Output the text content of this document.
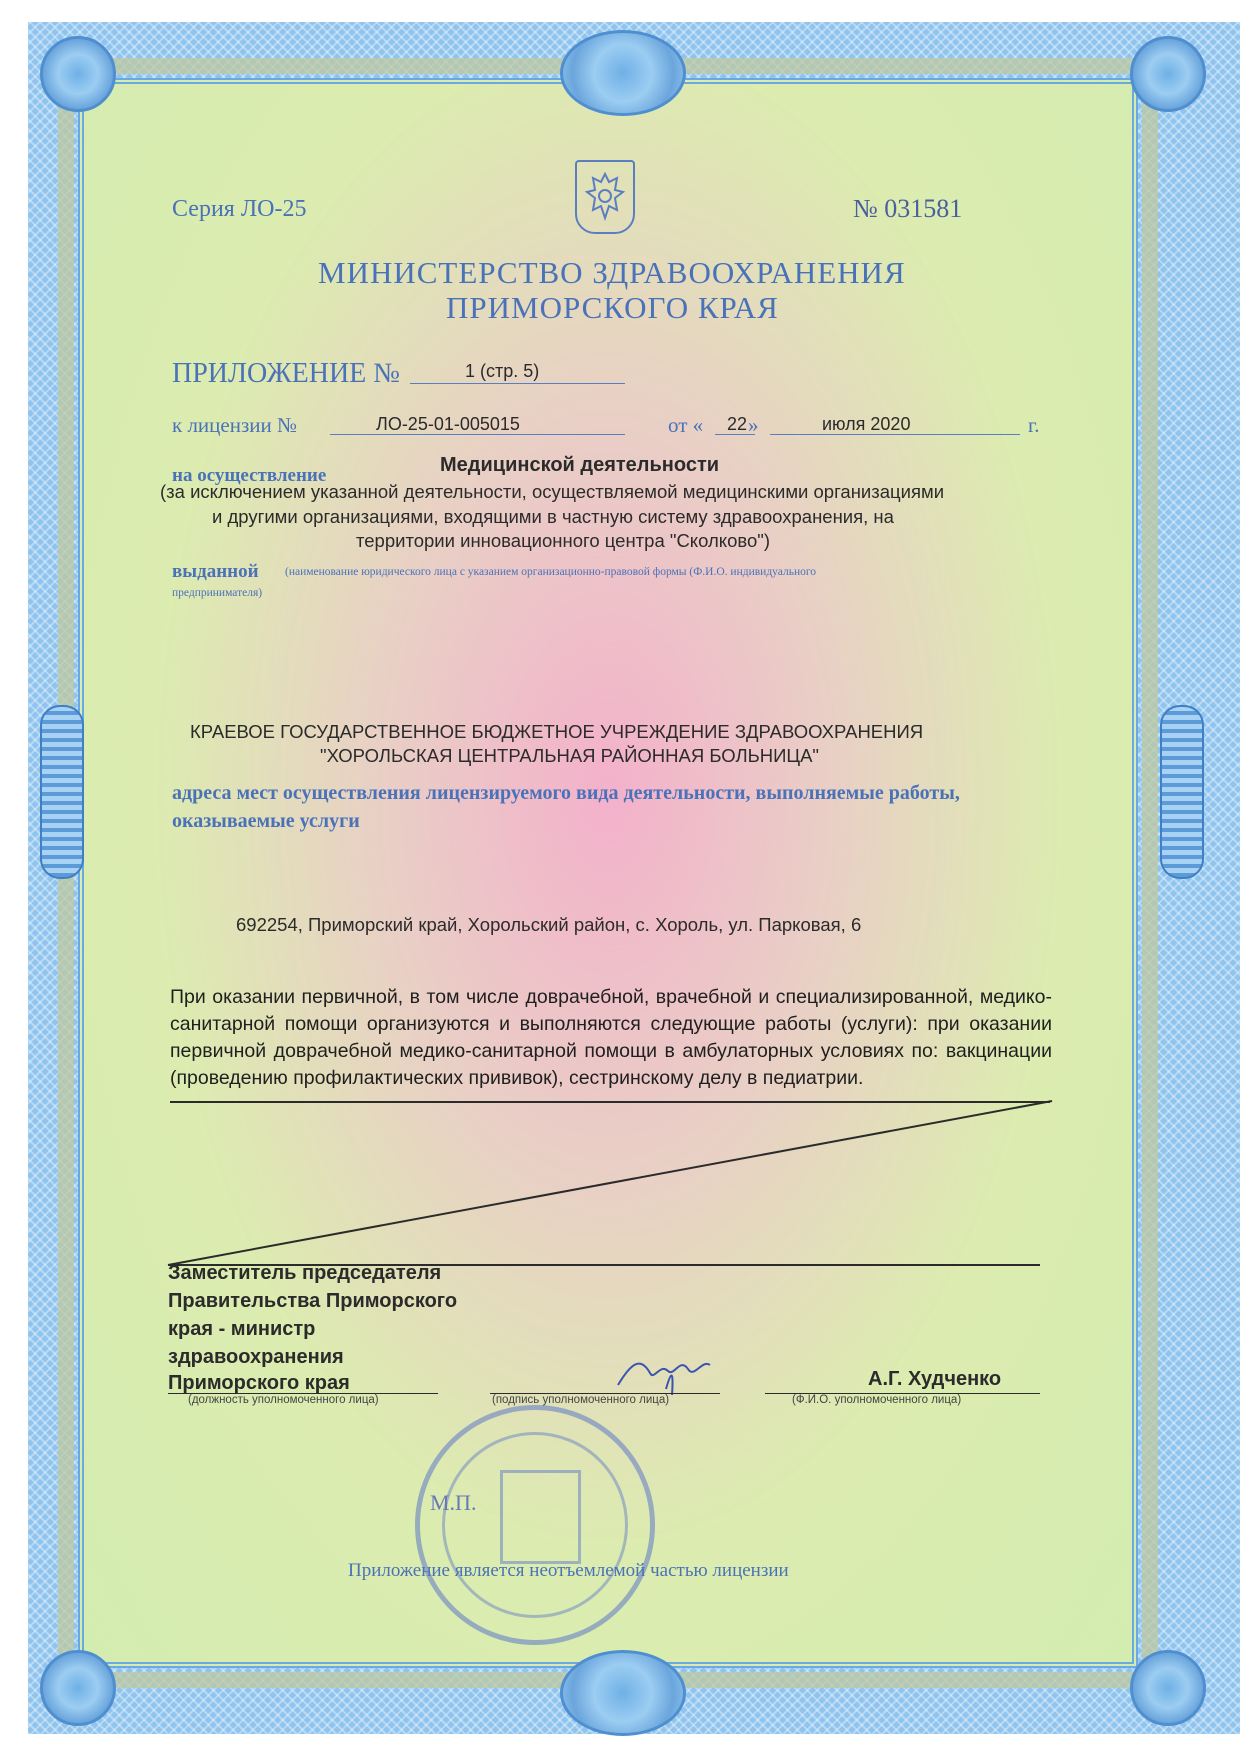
Серия ЛО-25	№ 031581
МИНИСТЕРСТВО ЗДРАВООХРАНЕНИЯ
ПРИМОРСКОГО КРАЯ
ПРИЛОЖЕНИЕ №	1 (стр. 5)
к лицензии №	ЛО-25-01-005015	от « 22 »	июля 2020	г.
Медицинской деятельности
на осуществление
(за исключением указанной деятельности, осуществляемой медицинскими организациями
и другими организациями, входящими в частную систему здравоохранения, на
территории инновационного центра "Сколково")
выданной (наименование юридического лица с указанием организационно-правовой формы (Ф.И.О. индивидуального
предпринимателя)
КРАЕВОЕ ГОСУДАРСТВЕННОЕ БЮДЖЕТНОЕ УЧРЕЖДЕНИЕ ЗДРАВООХРАНЕНИЯ
"ХОРОЛЬСКАЯ ЦЕНТРАЛЬНАЯ РАЙОННАЯ БОЛЬНИЦА"
адреса мест осуществления лицензируемого вида деятельности, выполняемые работы,
оказываемые услуги
692254, Приморский край, Хорольский район, с. Хороль, ул. Парковая, 6
При оказании первичной, в том числе доврачебной, врачебной и специализированной, медико-санитарной помощи организуются и выполняются следующие работы (услуги): при оказании первичной доврачебной медико-санитарной помощи в амбулаторных условиях по: вакцинации (проведению профилактических прививок), сестринскому делу в педиатрии.
Заместитель председателя
Правительства Приморского
края - министр
здравоохранения
Приморского края
(должность уполномоченного лица)	(подпись уполномоченного лица)
А.Г. Худченко
(Ф.И.О. уполномоченного лица)
М.П.
Приложение является неотъемлемой частью лицензии
